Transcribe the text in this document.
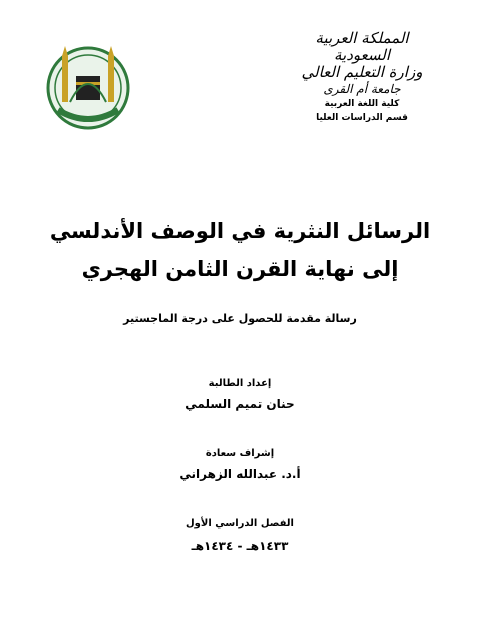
المملكة العربية السعودية
وزارة التعليم العالي
جامعة أم القرى
كلية اللغة العربية
قسم الدراسات العليا
الرسائل النثرية في الوصف الأندلسي
إلى نهاية القرن الثامن الهجري
رسالة مقدمة للحصول على درجة الماجستير
إعداد الطالبة
حنان تميم السلمي
إشراف سعادة
أ.د. عبدالله الزهراني
الفصل الدراسي الأول
١٤٣٣هـ - ١٤٣٤هـ
